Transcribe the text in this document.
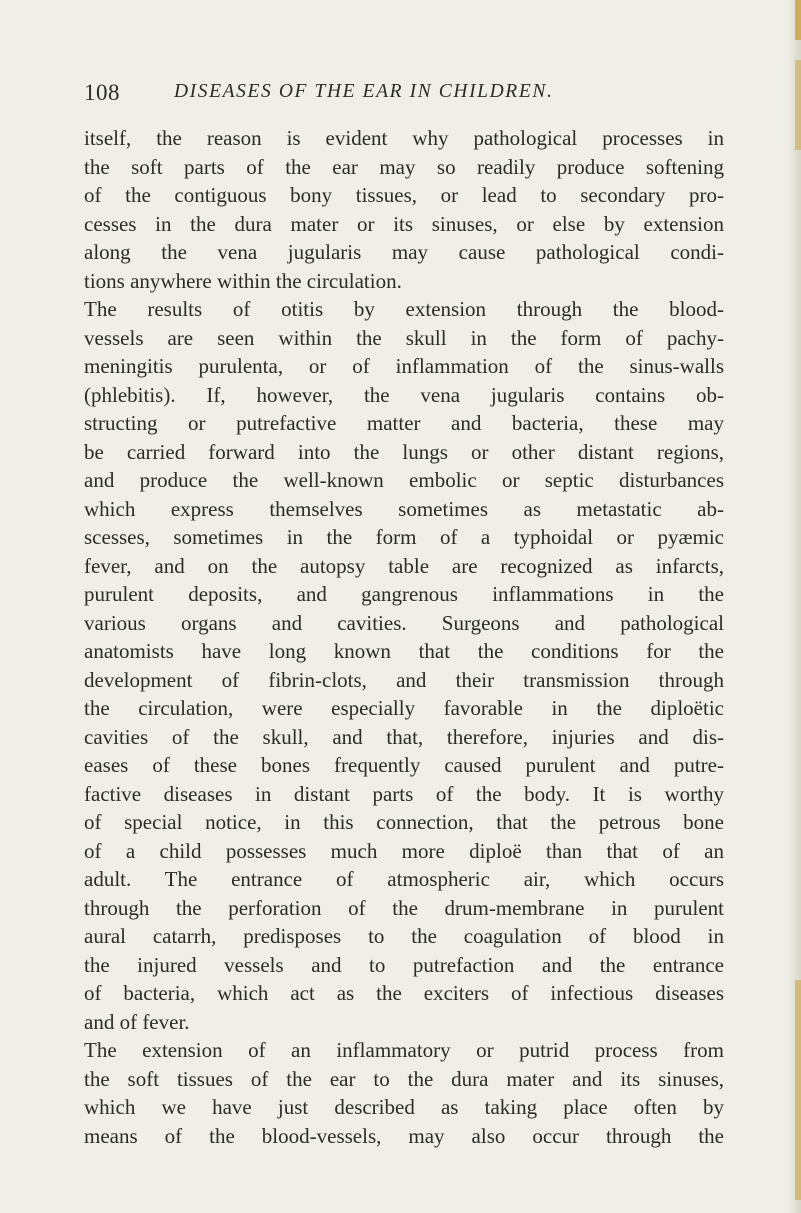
108	DISEASES OF THE EAR IN CHILDREN.
itself, the reason is evident why pathological processes in
the soft parts of the ear may so readily produce softening
of the contiguous bony tissues, or lead to secondary pro-
cesses in the dura mater or its sinuses, or else by extension
along the vena jugularis may cause pathological condi-
tions anywhere within the circulation.
The results of otitis by extension through the blood-
vessels are seen within the skull in the form of pachy-
meningitis purulenta, or of inflammation of the sinus-walls
(phlebitis). If, however, the vena jugularis contains ob-
structing or putrefactive matter and bacteria, these may
be carried forward into the lungs or other distant regions,
and produce the well-known embolic or septic disturbances
which express themselves sometimes as metastatic ab-
scesses, sometimes in the form of a typhoidal or pyæmic
fever, and on the autopsy table are recognized as infarcts,
purulent deposits, and gangrenous inflammations in the
various organs and cavities. Surgeons and pathological
anatomists have long known that the conditions for the
development of fibrin-clots, and their transmission through
the circulation, were especially favorable in the diploëtic
cavities of the skull, and that, therefore, injuries and dis-
eases of these bones frequently caused purulent and putre-
factive diseases in distant parts of the body. It is worthy
of special notice, in this connection, that the petrous bone
of a child possesses much more diploë than that of an
adult. The entrance of atmospheric air, which occurs
through the perforation of the drum-membrane in purulent
aural catarrh, predisposes to the coagulation of blood in
the injured vessels and to putrefaction and the entrance
of bacteria, which act as the exciters of infectious diseases
and of fever.
The extension of an inflammatory or putrid process from
the soft tissues of the ear to the dura mater and its sinuses,
which we have just described as taking place often by
means of the blood-vessels, may also occur through the
